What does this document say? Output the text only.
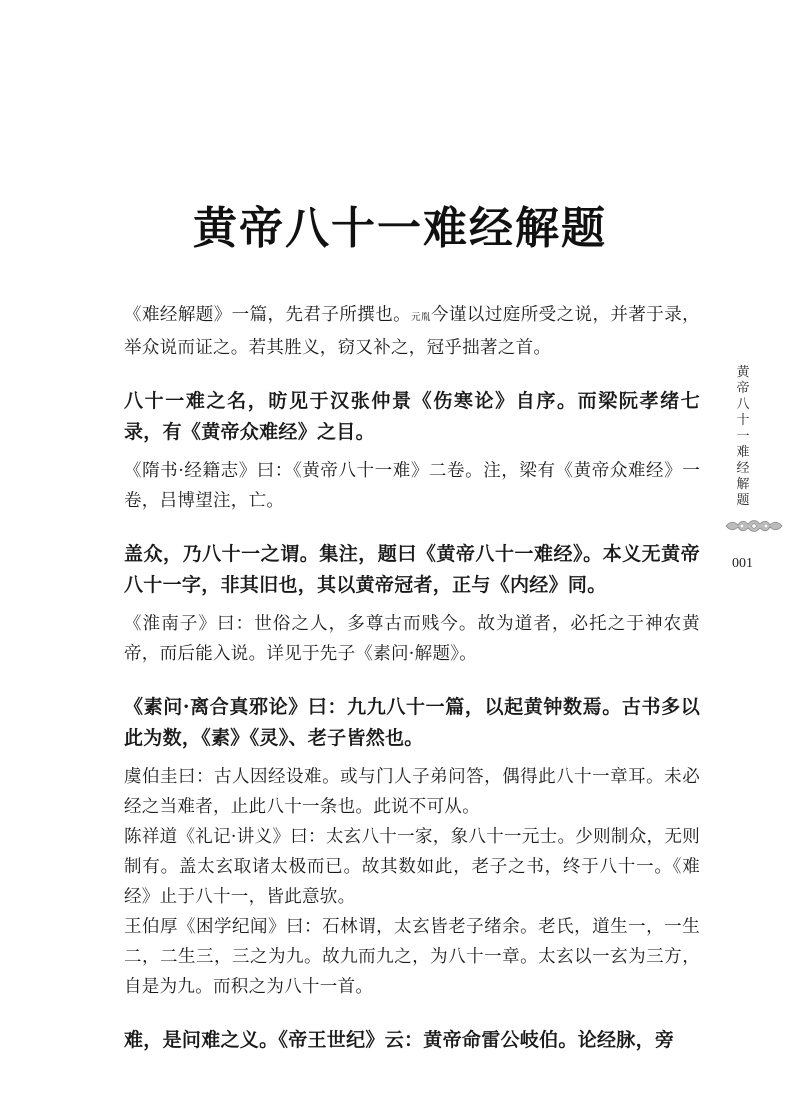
黄帝八十一难经解题

《难经解题》一篇，先君子所撰也。元胤今谨以过庭所受之说，并著于录，举众说而证之。若其胜义，窃又补之，冠乎拙著之首。

八十一难之名，昉见于汉张仲景《伤寒论》自序。而梁阮孝绪七录，有《黄帝众难经》之目。

《隋书·经籍志》曰：《黄帝八十一难》二卷。注，梁有《黄帝众难经》一卷，吕博望注，亡。

盖众，乃八十一之谓。集注，题曰《黄帝八十一难经》。本义无黄帝八十一字，非其旧也，其以黄帝冠者，正与《内经》同。

《淮南子》曰：世俗之人，多尊古而贱今。故为道者，必托之于神农黄帝，而后能入说。详见于先子《素问·解题》。

《素问·离合真邪论》曰：九九八十一篇，以起黄钟数焉。古书多以此为数，《素》《灵》、老子皆然也。

虞伯圭曰：古人因经设难。或与门人子弟问答，偶得此八十一章耳。未必经之当难者，止此八十一条也。此说不可从。

陈祥道《礼记·讲义》曰：太玄八十一家，象八十一元士。少则制众，无则制有。盖太玄取诸太极而已。故其数如此，老子之书，终于八十一。《难经》止于八十一，皆此意欤。

王伯厚《困学纪闻》曰：石林谓，太玄皆老子绪余。老氏，道生一，一生二，二生三，三之为九。故九而九之，为八十一章。太玄以一玄为三方，自是为九。而积之为八十一首。

难，是问难之义。《帝王世纪》云：黄帝命雷公岐伯。论经脉，旁

黄帝八十一难经解题
001
